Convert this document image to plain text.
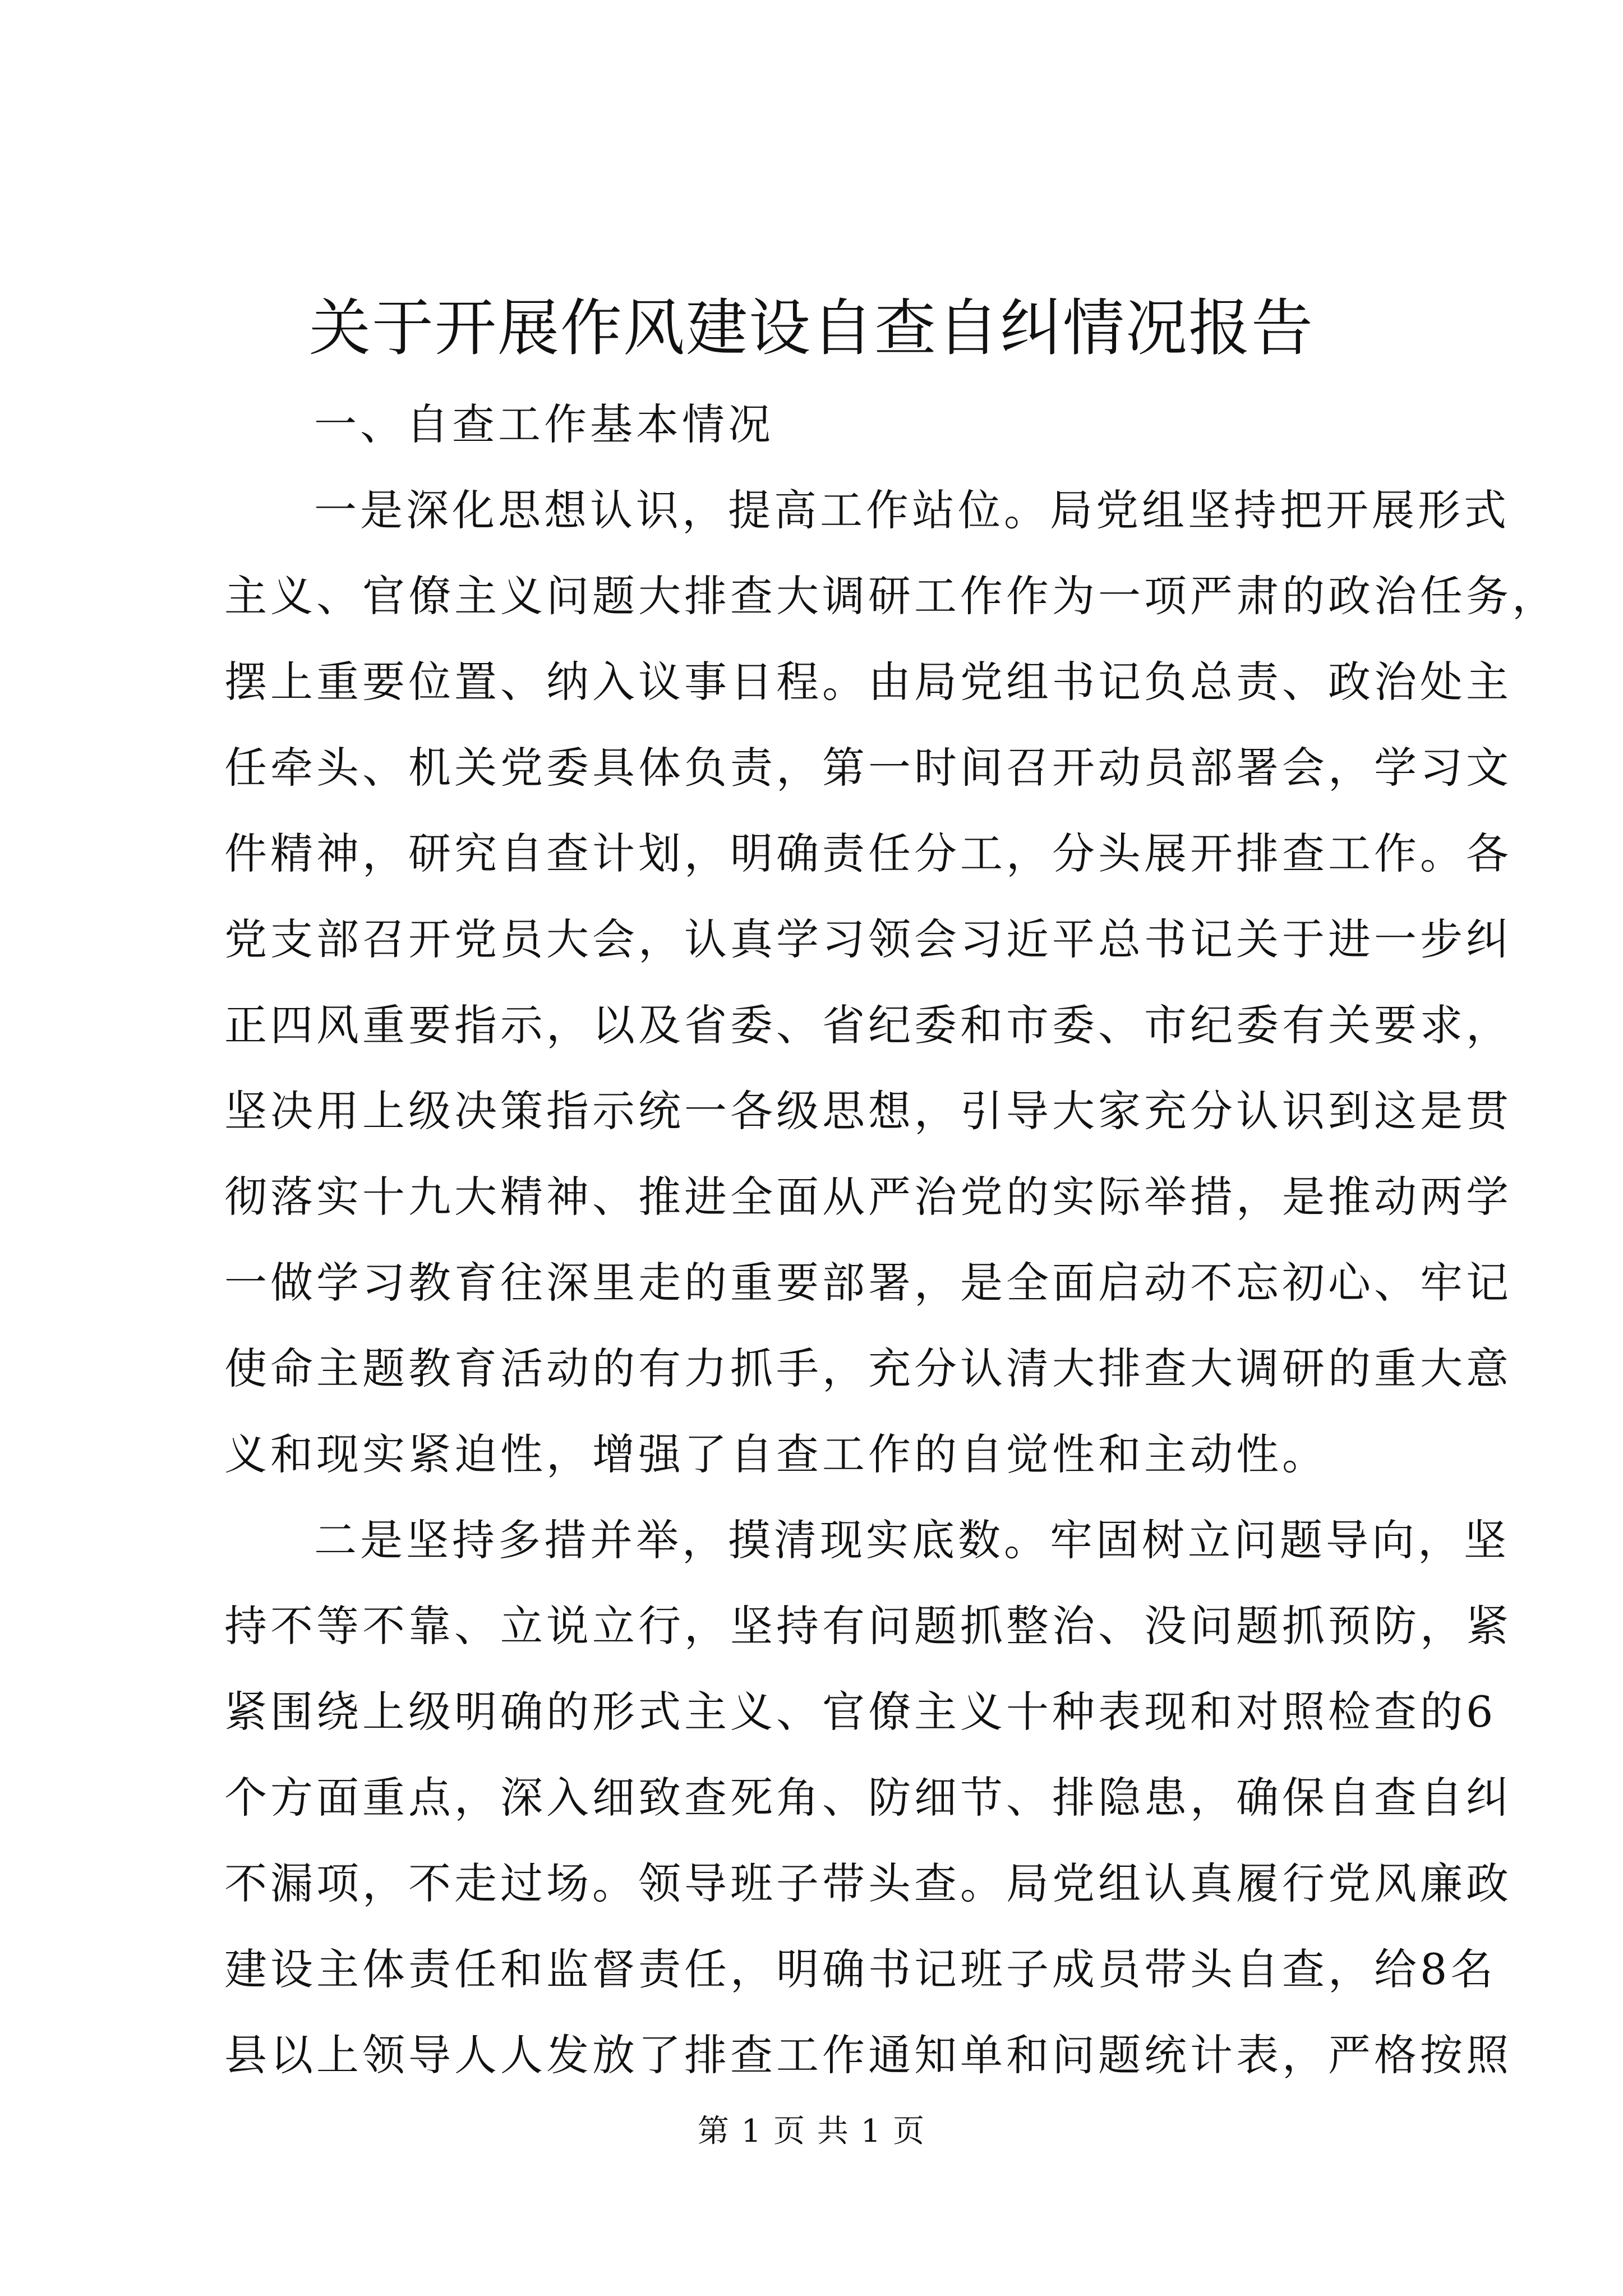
关于开展作风建设自查自纠情况报告
一、自查工作基本情况
一是深化思想认识，提高工作站位。局党组坚持把开展形式
主义、官僚主义问题大排查大调研工作作为一项严肃的政治任务，
摆上重要位置、纳入议事日程。由局党组书记负总责、政治处主
任牵头、机关党委具体负责，第一时间召开动员部署会，学习文
件精神，研究自查计划，明确责任分工，分头展开排查工作。各
党支部召开党员大会，认真学习领会习近平总书记关于进一步纠
正四风重要指示，以及省委、省纪委和市委、市纪委有关要求，
坚决用上级决策指示统一各级思想，引导大家充分认识到这是贯
彻落实十九大精神、推进全面从严治党的实际举措，是推动两学
一做学习教育往深里走的重要部署，是全面启动不忘初心、牢记
使命主题教育活动的有力抓手，充分认清大排查大调研的重大意
义和现实紧迫性，增强了自查工作的自觉性和主动性。
二是坚持多措并举，摸清现实底数。牢固树立问题导向，坚
持不等不靠、立说立行，坚持有问题抓整治、没问题抓预防，紧
紧围绕上级明确的形式主义、官僚主义十种表现和对照检查的6
个方面重点，深入细致查死角、防细节、排隐患，确保自查自纠
不漏项，不走过场。领导班子带头查。局党组认真履行党风廉政
建设主体责任和监督责任，明确书记班子成员带头自查，给8名
县以上领导人人发放了排查工作通知单和问题统计表，严格按照
第 1 页 共 1 页
